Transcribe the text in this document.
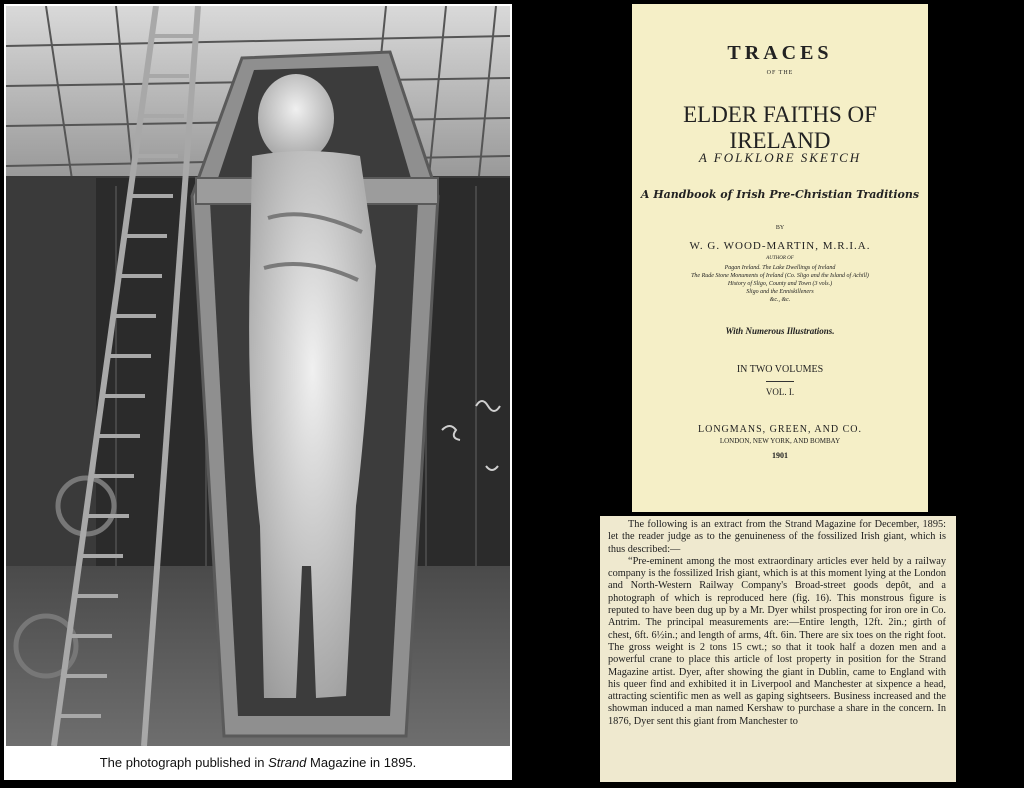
The photograph published in Strand Magazine in 1895.
TRACES
OF THE
ELDER FAITHS OF IRELAND
A FOLKLORE SKETCH
A Handbook of Irish Pre-Christian Traditions
BY
W. G. WOOD-MARTIN, M.R.I.A.
AUTHOR OF
Pagan Ireland. The Lake Dwellings of Ireland
The Rude Stone Monuments of Ireland (Co. Sligo and the Island of Achill)
History of Sligo, County and Town (3 vols.)
Sligo and the Enniskilleners
&c., &c.
With Numerous Illustrations.
IN TWO VOLUMES
VOL. I.
LONGMANS, GREEN, AND CO.
LONDON, NEW YORK, AND BOMBAY
1901

The following is an extract from the Strand Magazine for December, 1895: let the reader judge as to the genuineness of the fossilized Irish giant, which is thus described:—

“Pre-eminent among the most extraordinary articles ever held by a railway company is the fossilized Irish giant, which is at this moment lying at the London and North-Western Railway Company's Broad-street goods depôt, and a photograph of which is reproduced here (fig. 16). This monstrous figure is reputed to have been dug up by a Mr. Dyer whilst prospecting for iron ore in Co. Antrim. The principal measurements are:—Entire length, 12ft. 2in.; girth of chest, 6ft. 6½in.; and length of arms, 4ft. 6in. There are six toes on the right foot. The gross weight is 2 tons 15 cwt.; so that it took half a dozen men and a powerful crane to place this article of lost property in position for the Strand Magazine artist. Dyer, after showing the giant in Dublin, came to England with his queer find and exhibited it in Liverpool and Manchester at sixpence a head, attracting scientific men as well as gaping sightseers. Business increased and the showman induced a man named Kershaw to purchase a share in the concern. In 1876, Dyer sent this giant from Manchester to
